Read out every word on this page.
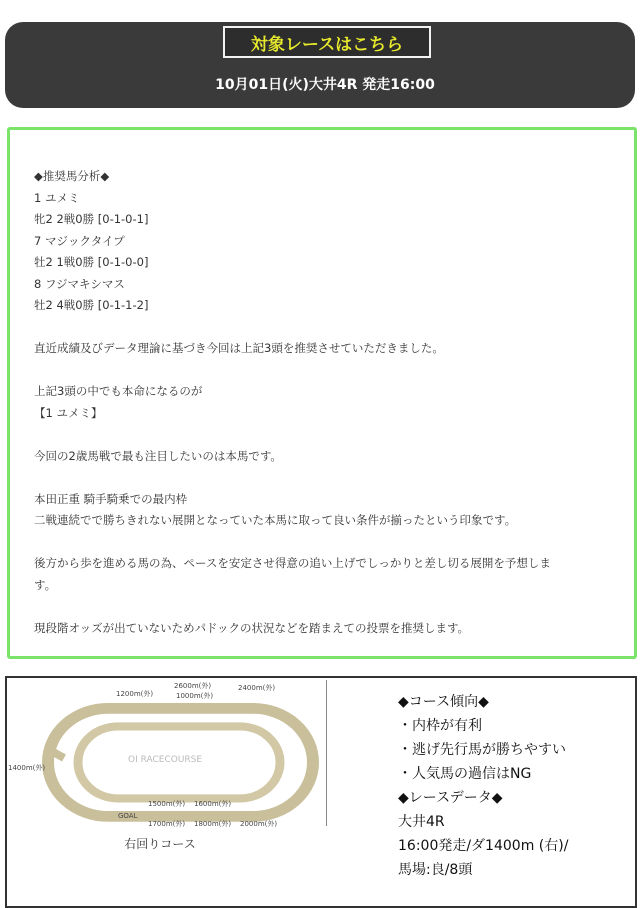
対象レースはこちら
10月01日(火)大井4R 発走16:00
◆推奨馬分析◆
1 ユメミ
牝2 2戦0勝 [0-1-0-1]
7 マジックタイプ
牡2 1戦0勝 [0-1-0-0]
8 フジマキシマス
牡2 4戦0勝 [0-1-1-2]
直近成績及びデータ理論に基づき今回は上記3頭を推奨させていただきました。
上記3頭の中でも本命になるのが
【1 ユメミ】
今回の2歳馬戦で最も注目したいのは本馬です。
本田正重 騎手騎乗での最内枠
二戦連続でで勝ちきれない展開となっていた本馬に取って良い条件が揃ったという印象です。
後方から歩を進める馬の為、ペースを安定させ得意の追い上げでしっかりと差し切る展開を予想しま
す。
現段階オッズが出ていないためパドックの状況などを踏まえての投票を推奨します。
OI RACECOURSE
1200m(外)
2600m(外)
1000m(外)
2400m(外)
1400m(外)
1500m(外) 1600m(外)
GOAL
1700m(外) 1800m(外) 2000m(外)
右回りコース
◆コース傾向◆
・内枠が有利
・逃げ先行馬が勝ちやすい
・人気馬の過信はNG
◆レースデータ◆
大井4R
16:00発走/ダ1400m (右)/
馬場:良/8頭
